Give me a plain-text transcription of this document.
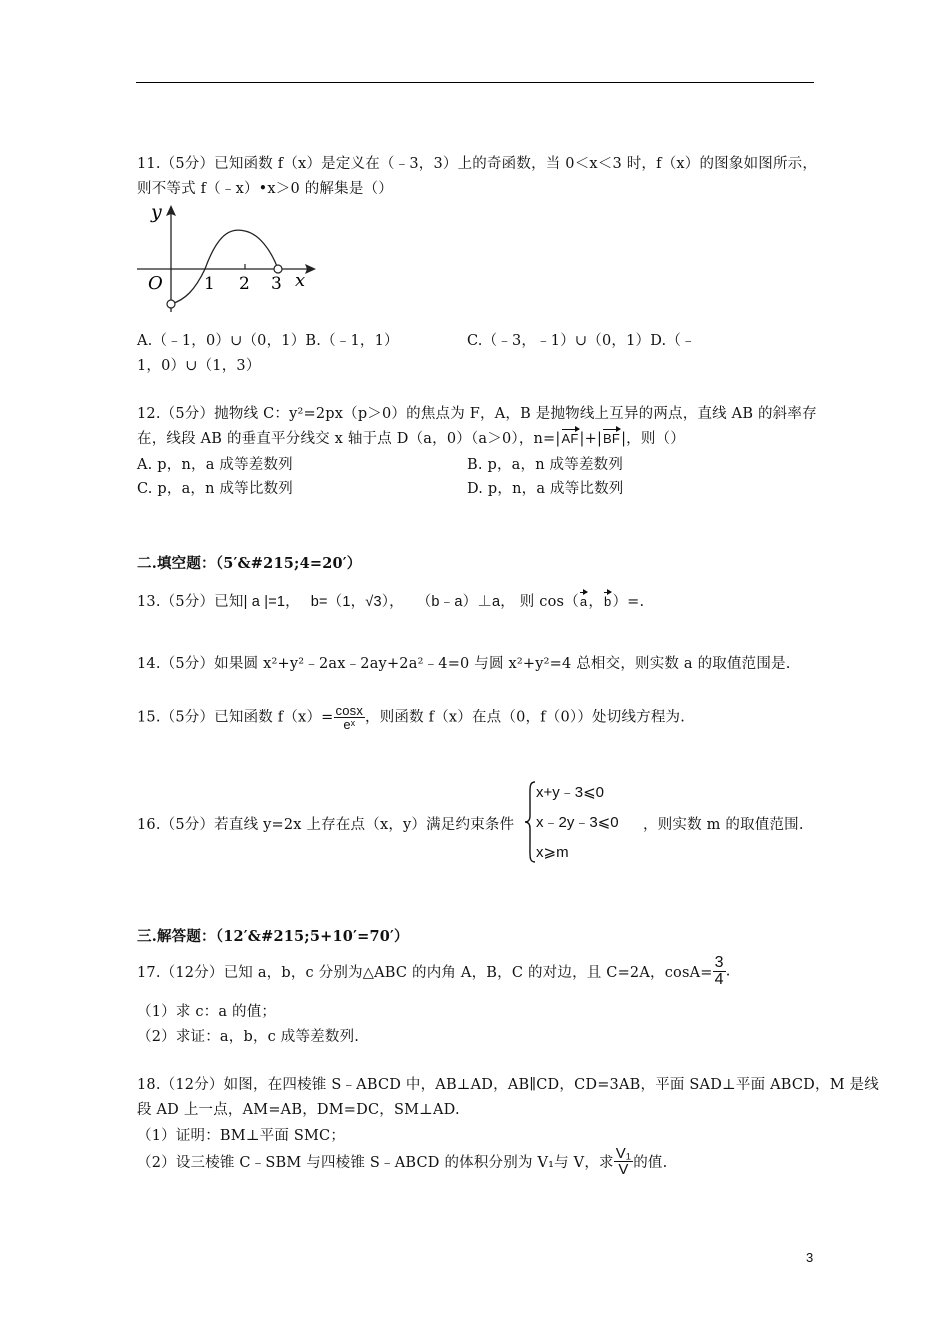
11.（5分）已知函数 f（x）是定义在（﹣3，3）上的奇函数，当 0＜x＜3 时，f（x）的图象如图所示，
则不等式 f（﹣x）•x＞0 的解集是（）
y
x
O 1 2 3
A.（﹣1，0）∪（0，1）B.（﹣1，1）	C.（﹣3，﹣1）∪（0，1）D.（﹣
1，0）∪（1，3）
12.（5分）抛物线 C：y²=2px（p＞0）的焦点为 F，A，B 是抛物线上互异的两点，直线 AB 的斜率存
在，线段 AB 的垂直平分线交 x 轴于点 D（a，0）（a＞0），n=|AF|+|BF|，则（）
A. p，n，a 成等差数列	B. p，a，n 成等差数列
C. p，a，n 成等比数列	D. p，n，a 成等比数列
二.填空题：（5′&#215;4=20′）
13.（5分）已知| a |=1， b=（1，√3）， （b﹣a）⊥a， 则 cos（a，b）=.
14.（5分）如果圆 x²+y²﹣2ax﹣2ay+2a²﹣4=0 与圆 x²+y²=4 总相交，则实数 a 的取值范围是.
15.（5分）已知函数 $f(x)= \frac{\cos x}{\text{eˣ}}$ ，则函数 f（x）在点（0，f（0））处切线方程为.
16.（5分）若直线 y=2x 上存在点（x，y）满足约束条件
x+y﹣3⩽0
x﹣2y﹣3⩽0
x⩾m
，则实数 m 的取值范围.
三.解答题：（12′&#215;5+10′=70′）
17.（12分）已知 a，b，c 分别为△ABC 的内角 A，B，C 的对边，且 C=2A，$\cos A= \frac{3}{4}$ .
（1）求 c：a 的值；
（2）求证：a，b，c 成等差数列.
18.（12分）如图，在四棱锥 S﹣ABCD 中，AB⊥AD，AB∥CD，CD=3AB，平面 SAD⊥平面 ABCD，M 是线
段 AD 上一点，AM=AB，DM=DC，SM⊥AD.
（1）证明：BM⊥平面 SMC；
（2）设三棱锥 C﹣SBM 与四棱锥 S﹣ABCD 的体积分别为 V₁与 V，求 $\frac{\text{V₁}}{V}$ 的值.
3
